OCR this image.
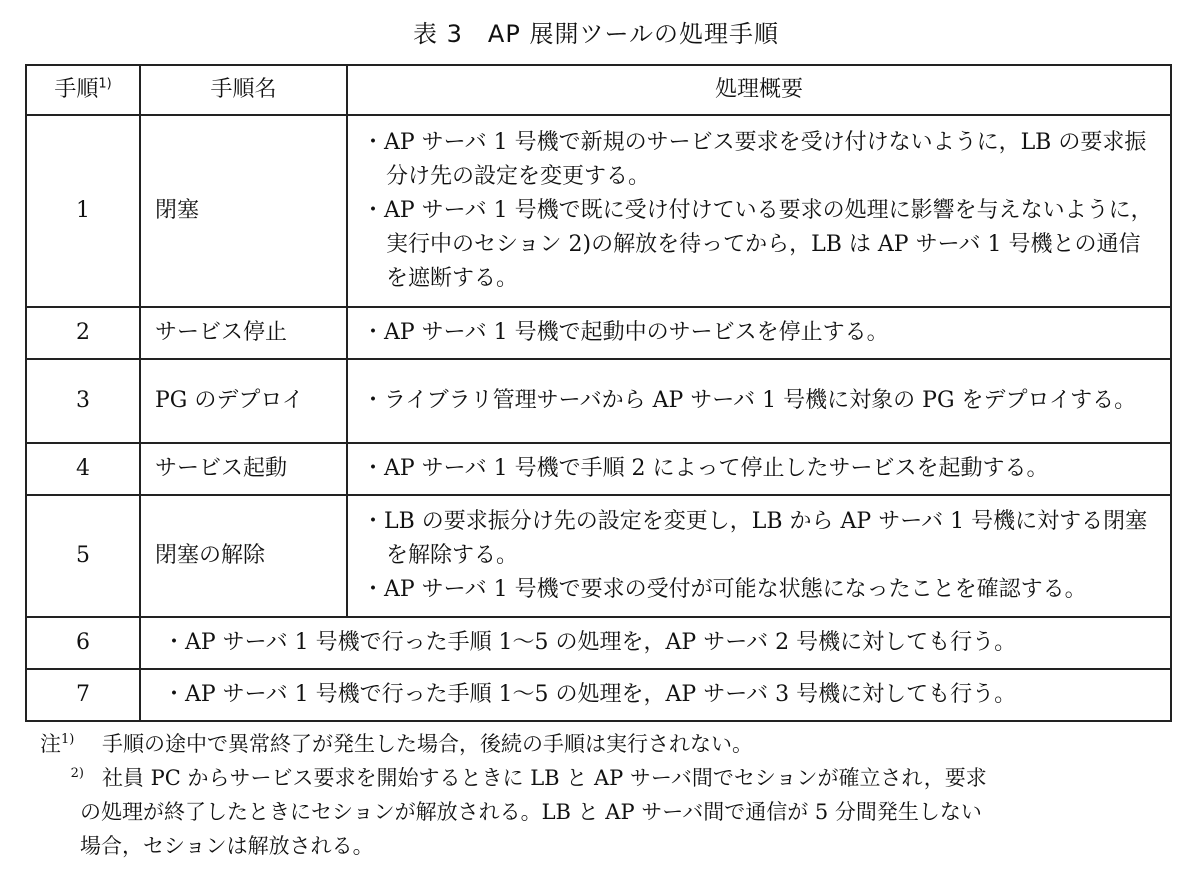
表 3　AP 展開ツールの処理手順
手順$^{1)}$	手順名	処理概要
1	閉塞	・AP サーバ 1 号機で新規のサービス要求を受け付けないように，LB の要求振分け先の設定を変更する。
・AP サーバ 1 号機で既に受け付けている要求の処理に影響を与えないように，実行中のセション 2)の解放を待ってから，LB は AP サーバ 1 号機との通信を遮断する。

2	サービス停止	・AP サーバ 1 号機で起動中のサービスを停止する。

3	PG のデプロイ	・ライブラリ管理サーバから AP サーバ 1 号機に対象の PG をデプロイする。

4	サービス起動	・AP サーバ 1 号機で手順 2 によって停止したサービスを起動する。

5	閉塞の解除	・LB の要求振分け先の設定を変更し，LB から AP サーバ 1 号機に対する閉塞を解除する。
・AP サーバ 1 号機で要求の受付が可能な状態になったことを確認する。

6	・AP サーバ 1 号機で行った手順 1～5 の処理を，AP サーバ 2 号機に対しても行う。	
7	・AP サーバ 1 号機で行った手順 1～5 の処理を，AP サーバ 3 号機に対しても行う。	
注$^{1)}$	手順の途中で異常終了が発生した場合，後続の手順は実行されない。
$^{2)}$ 社員 PC からサービス要求を開始するときに LB と AP サーバ間でセションが確立され，要求
の処理が終了したときにセションが解放される。LB と AP サーバ間で通信が 5 分間発生しない
場合，セションは解放される。
